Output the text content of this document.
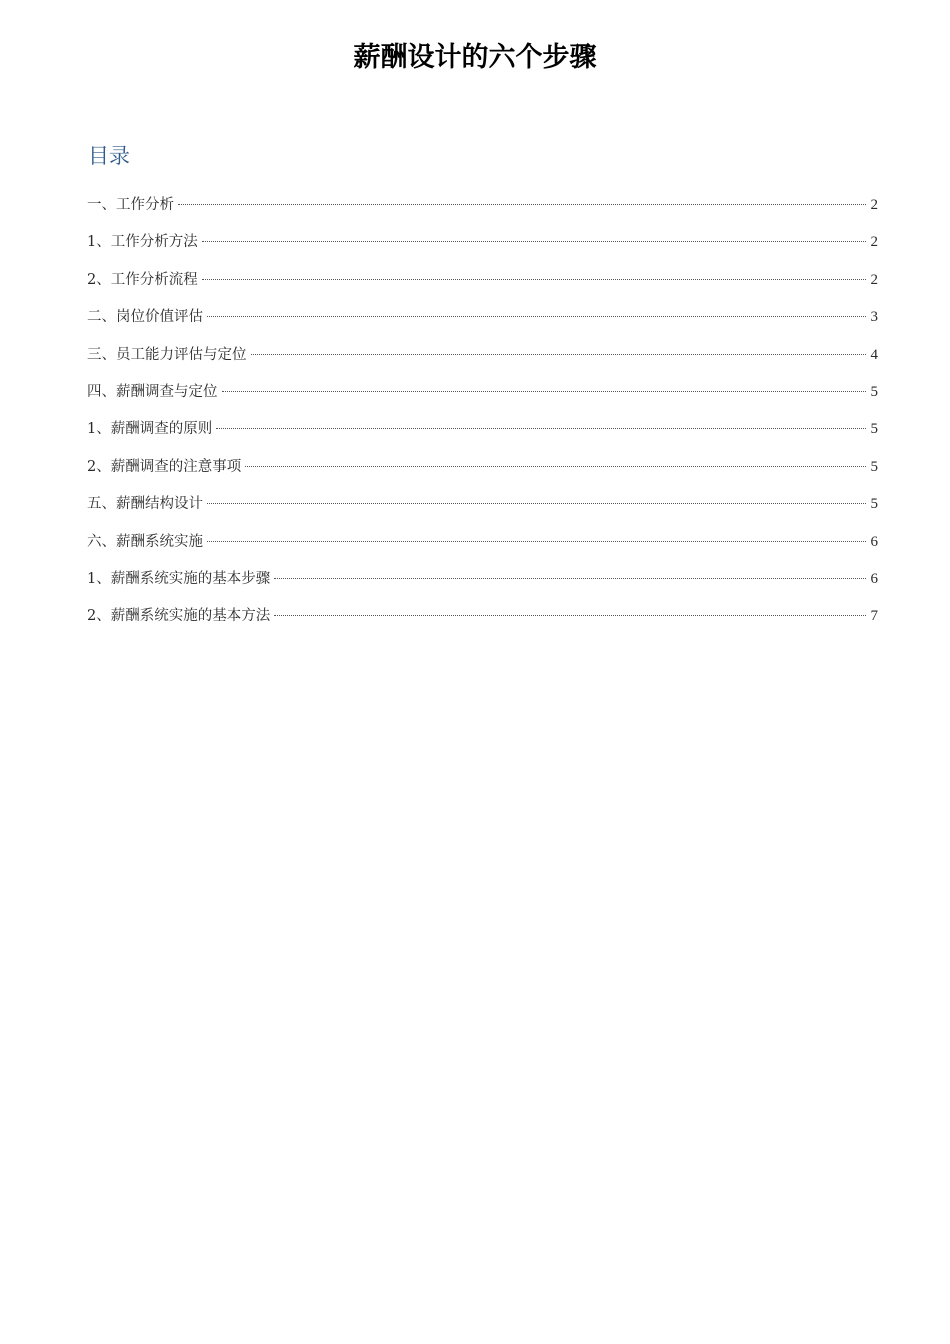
薪酬设计的六个步骤
目录
一、工作分析	2
1、工作分析方法	2
2、工作分析流程	2
二、岗位价值评估	3
三、员工能力评估与定位	4
四、薪酬调查与定位	5
1、薪酬调查的原则	5
2、薪酬调查的注意事项	5
五、薪酬结构设计	5
六、薪酬系统实施	6
1、薪酬系统实施的基本步骤	6
2、薪酬系统实施的基本方法	7
